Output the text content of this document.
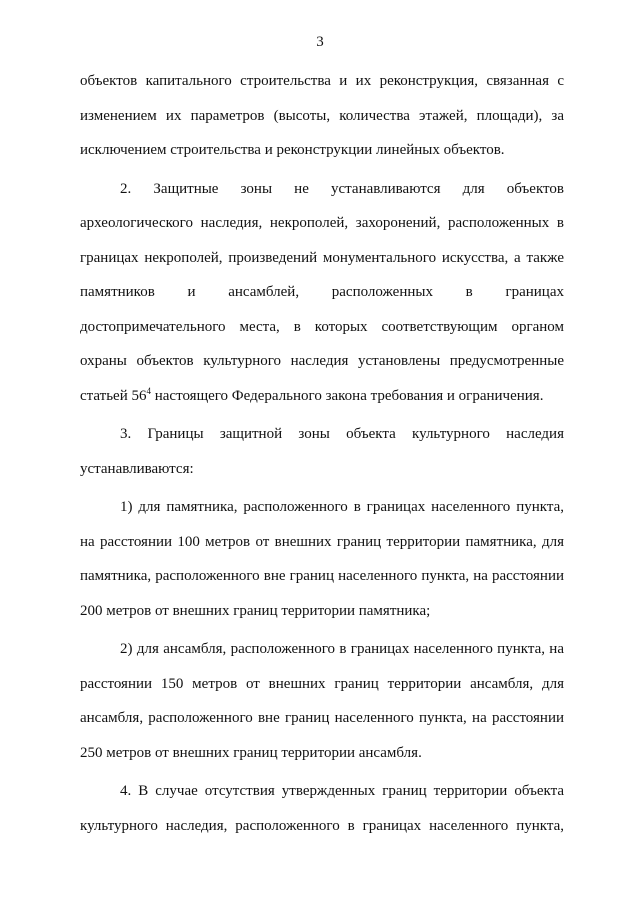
3

объектов капитального строительства и их реконструкция, связанная с
изменением их параметров (высоты, количества этажей, площади), за
исключением строительства и реконструкции линейных объектов.

2. Защитные зоны не устанавливаются для объектов
археологического наследия, некрополей, захоронений, расположенных в
границах некрополей, произведений монументального искусства, а также
памятников и ансамблей, расположенных в границах
достопримечательного места, в которых соответствующим органом
охраны объектов культурного наследия установлены предусмотренные
статьей $56^4$ настоящего Федерального закона требования и ограничения.

3. Границы защитной зоны объекта культурного наследия
устанавливаются:

1) для памятника, расположенного в границах населенного пункта,
на расстоянии 100 метров от внешних границ территории памятника, для
памятника, расположенного вне границ населенного пункта, на расстоянии
200 метров от внешних границ территории памятника;

2) для ансамбля, расположенного в границах населенного пункта, на
расстоянии 150 метров от внешних границ территории ансамбля, для
ансамбля, расположенного вне границ населенного пункта, на расстоянии
250 метров от внешних границ территории ансамбля.

4. В случае отсутствия утвержденных границ территории объекта
культурного наследия, расположенного в границах населенного пункта,
